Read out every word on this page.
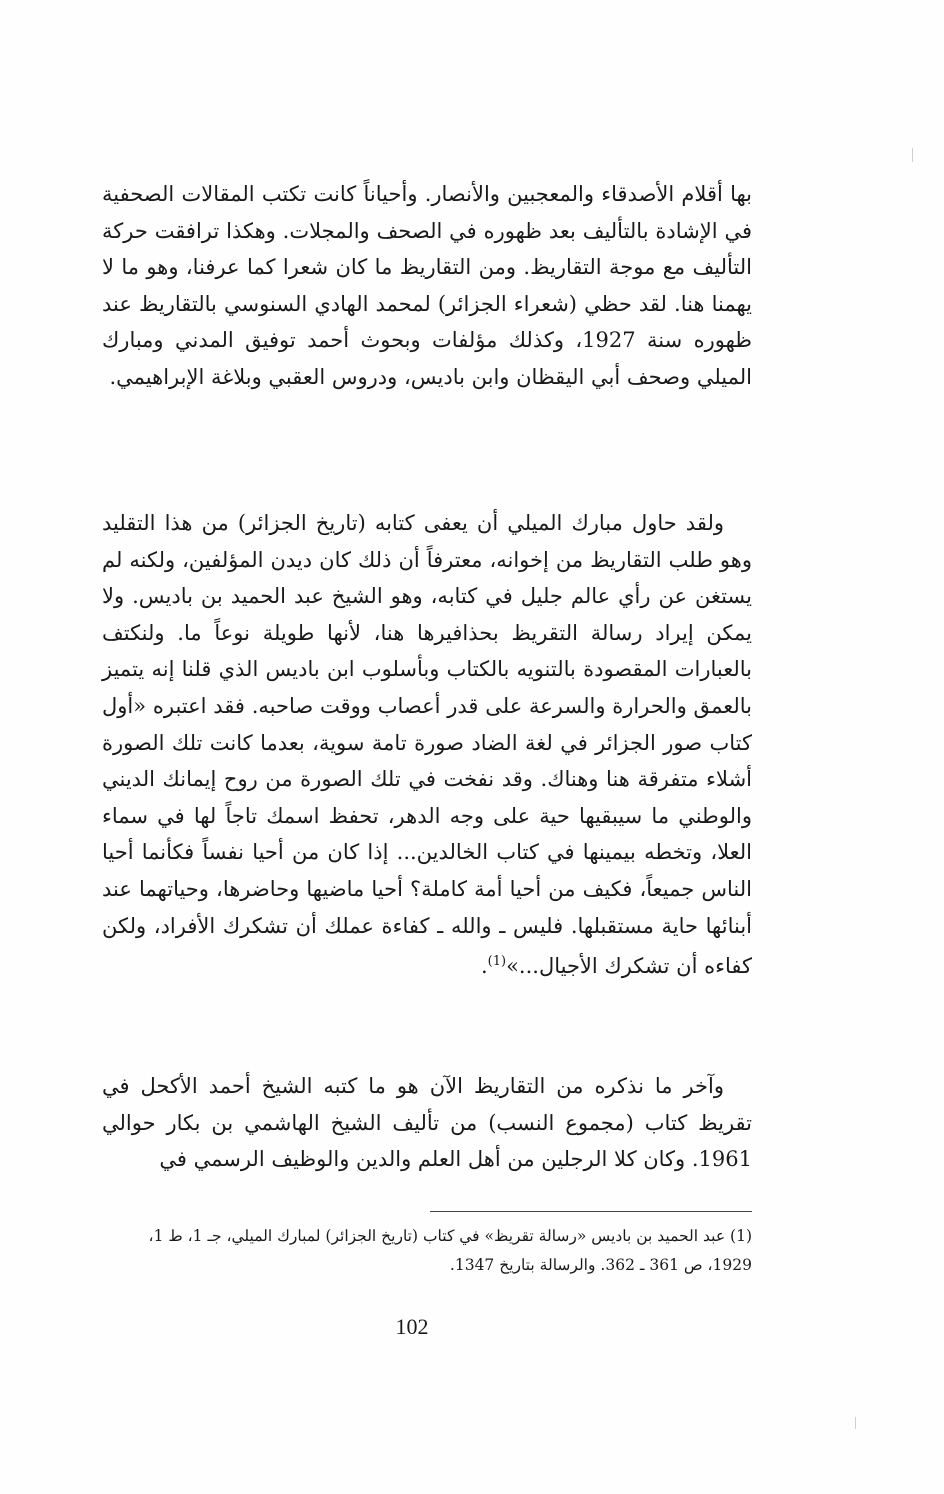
بها أقلام الأصدقاء والمعجبين والأنصار. وأحياناً كانت تكتب المقالات الصحفية في الإشادة بالتأليف بعد ظهوره في الصحف والمجلات. وهكذا ترافقت حركة التأليف مع موجة التقاريظ. ومن التقاريظ ما كان شعرا كما عرفنا، وهو ما لا يهمنا هنا. لقد حظي (شعراء الجزائر) لمحمد الهادي السنوسي بالتقاريظ عند ظهوره سنة 1927، وكذلك مؤلفات وبحوث أحمد توفيق المدني ومبارك الميلي وصحف أبي اليقظان وابن باديس، ودروس العقبي وبلاغة الإبراهيمي.

ولقد حاول مبارك الميلي أن يعفى كتابه (تاريخ الجزائر) من هذا التقليد وهو طلب التقاريظ من إخوانه، معترفاً أن ذلك كان ديدن المؤلفين، ولكنه لم يستغن عن رأي عالم جليل في كتابه، وهو الشيخ عبد الحميد بن باديس. ولا يمكن إيراد رسالة التقريظ بحذافيرها هنا، لأنها طويلة نوعاً ما. ولنكتف بالعبارات المقصودة بالتنويه بالكتاب وبأسلوب ابن باديس الذي قلنا إنه يتميز بالعمق والحرارة والسرعة على قدر أعصاب ووقت صاحبه. فقد اعتبره «أول كتاب صور الجزائر في لغة الضاد صورة تامة سوية، بعدما كانت تلك الصورة أشلاء متفرقة هنا وهناك. وقد نفخت في تلك الصورة من روح إيمانك الديني والوطني ما سيبقيها حية على وجه الدهر، تحفظ اسمك تاجاً لها في سماء العلا، وتخطه بيمينها في كتاب الخالدين... إذا كان من أحيا نفساً فكأنما أحيا الناس جميعاً، فكيف من أحيا أمة كاملة؟ أحيا ماضيها وحاضرها، وحياتهما عند أبنائها حاية مستقبلها. فليس ـ والله ـ كفاءة عملك أن تشكرك الأفراد، ولكن كفاءه أن تشكرك الأجيال...»$^{(1)}$.

وآخر ما نذكره من التقاريظ الآن هو ما كتبه الشيخ أحمد الأكحل في تقريظ كتاب (مجموع النسب) من تأليف الشيخ الهاشمي بن بكار حوالي 1961. وكان كلا الرجلين من أهل العلم والدين والوظيف الرسمي في

(1) عبد الحميد بن باديس «رسالة تقريظ» في كتاب (تاريخ الجزائر) لمبارك الميلي، جـ 1، ط 1، 1929، ص 361 ـ 362. والرسالة بتاريخ 1347.
102
